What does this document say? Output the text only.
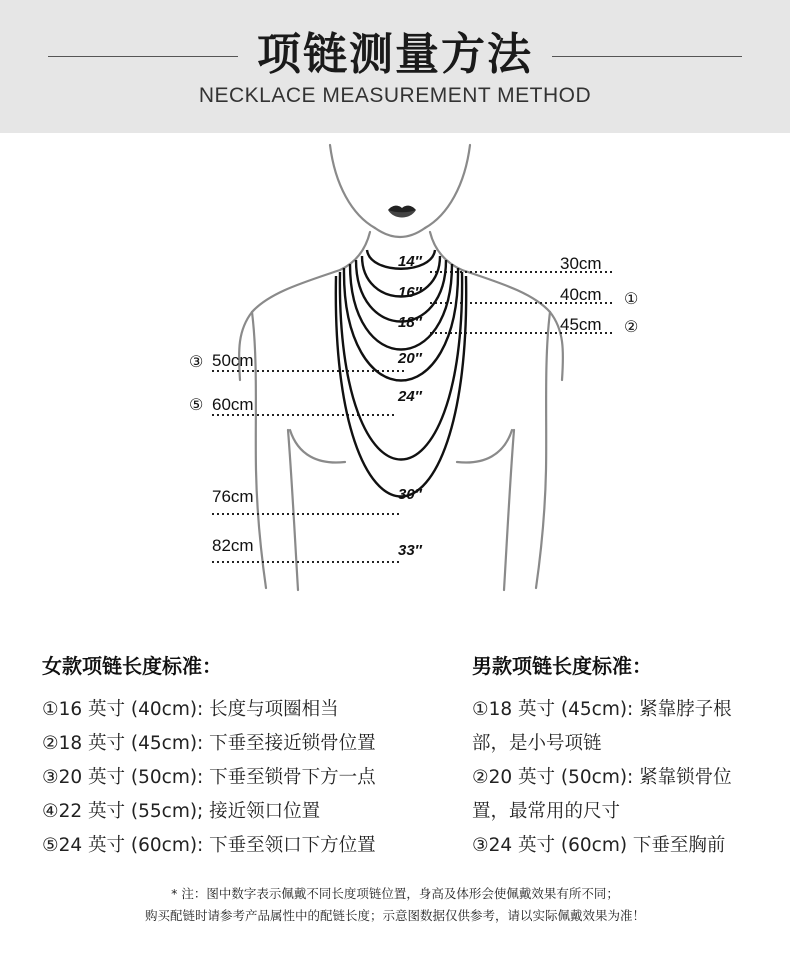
项链测量方法
NECKLACE MEASUREMENT METHOD
14″
16″
18″
20″
24″
30″
33″
30cm
40cm ①
45cm ②
③ 50cm
⑤ 60cm
76cm
82cm
女款项链长度标准：
①16 英寸 (40cm): 长度与项圈相当
②18 英寸 (45cm): 下垂至接近锁骨位置
③20 英寸 (50cm): 下垂至锁骨下方一点
④22 英寸 (55cm); 接近领口位置
⑤24 英寸 (60cm): 下垂至领口下方位置
男款项链长度标准：
①18 英寸 (45cm): 紧靠脖子根
部，是小号项链
②20 英寸 (50cm): 紧靠锁骨位
置，最常用的尺寸
③24 英寸 (60cm) 下垂至胸前
* 注：图中数字表示佩戴不同长度项链位置，身高及体形会使佩戴效果有所不同；
购买配链时请参考产品属性中的配链长度；示意图数据仅供参考，请以实际佩戴效果为准！
